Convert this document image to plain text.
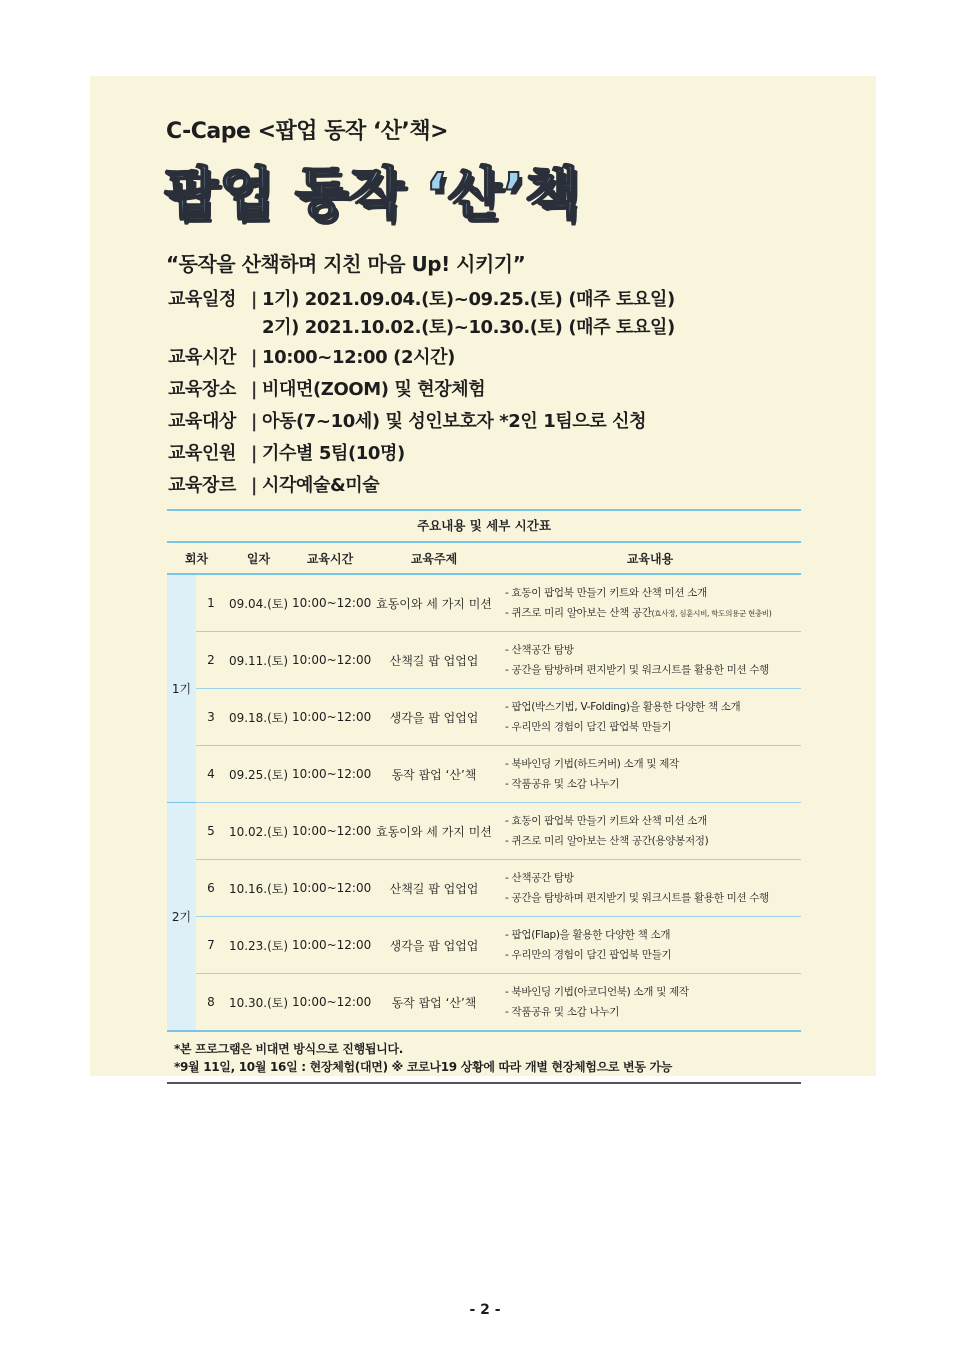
C-Cape <팝업 동작 ‘산’책>
팝업 동작 ‘산’책
“동작을 산책하며 지친 마음 Up! 시키기”
교육일정 | 1기) 2021.09.04.(토)~09.25.(토) (매주 토요일)
2기) 2021.10.02.(토)~10.30.(토) (매주 토요일)
교육시간 | 10:00~12:00 (2시간)
교육장소 | 비대면(ZOOM) 및 현장체험
교육대상 | 아동(7~10세) 및 성인보호자 *2인 1팀으로 신청
교육인원 | 기수별 5팀(10명)
교육장르 | 시각예술&미술
주요내용 및 세부 시간표
회차		일자	교육시간	교육주제	교육내용
1기	1	09.04.(토)	10:00~12:00	효동이와 세 가지 미션	- 효동이 팝업북 만들기 키트와 산책 미션 소개
- 퀴즈로 미리 알아보는 산책 공간(효사정, 심훈시비, 학도의용군 현충비)
	2	09.11.(토)	10:00~12:00	산책길 팝 업업업	- 산책공간 탐방
- 공간을 탐방하며 편지받기 및 워크시트를 활용한 미션 수행
	3	09.18.(토)	10:00~12:00	생각을 팝 업업업	- 팝업(박스기법, V-Folding)을 활용한 다양한 책 소개
- 우리만의 경험이 담긴 팝업북 만들기
	4	09.25.(토)	10:00~12:00	동작 팝업 ‘산’책	- 북바인딩 기법(하드커버) 소개 및 제작
- 작품공유 및 소감 나누기
2기	5	10.02.(토)	10:00~12:00	효동이와 세 가지 미션	- 효동이 팝업북 만들기 키트와 산책 미션 소개
- 퀴즈로 미리 알아보는 산책 공간(용양봉저정)
	6	10.16.(토)	10:00~12:00	산책길 팝 업업업	- 산책공간 탐방
- 공간을 탐방하며 편지받기 및 워크시트를 활용한 미션 수행
	7	10.23.(토)	10:00~12:00	생각을 팝 업업업	- 팝업(Flap)을 활용한 다양한 책 소개
- 우리만의 경험이 담긴 팝업북 만들기
	8	10.30.(토)	10:00~12:00	동작 팝업 ‘산’책	- 북바인딩 기법(아코디언북) 소개 및 제작
- 작품공유 및 소감 나누기
*본 프로그램은 비대면 방식으로 진행됩니다.
*9월 11일, 10월 16일 : 현장체험(대면) ※ 코로나19 상황에 따라 개별 현장체험으로 변동 가능
- 2 -
